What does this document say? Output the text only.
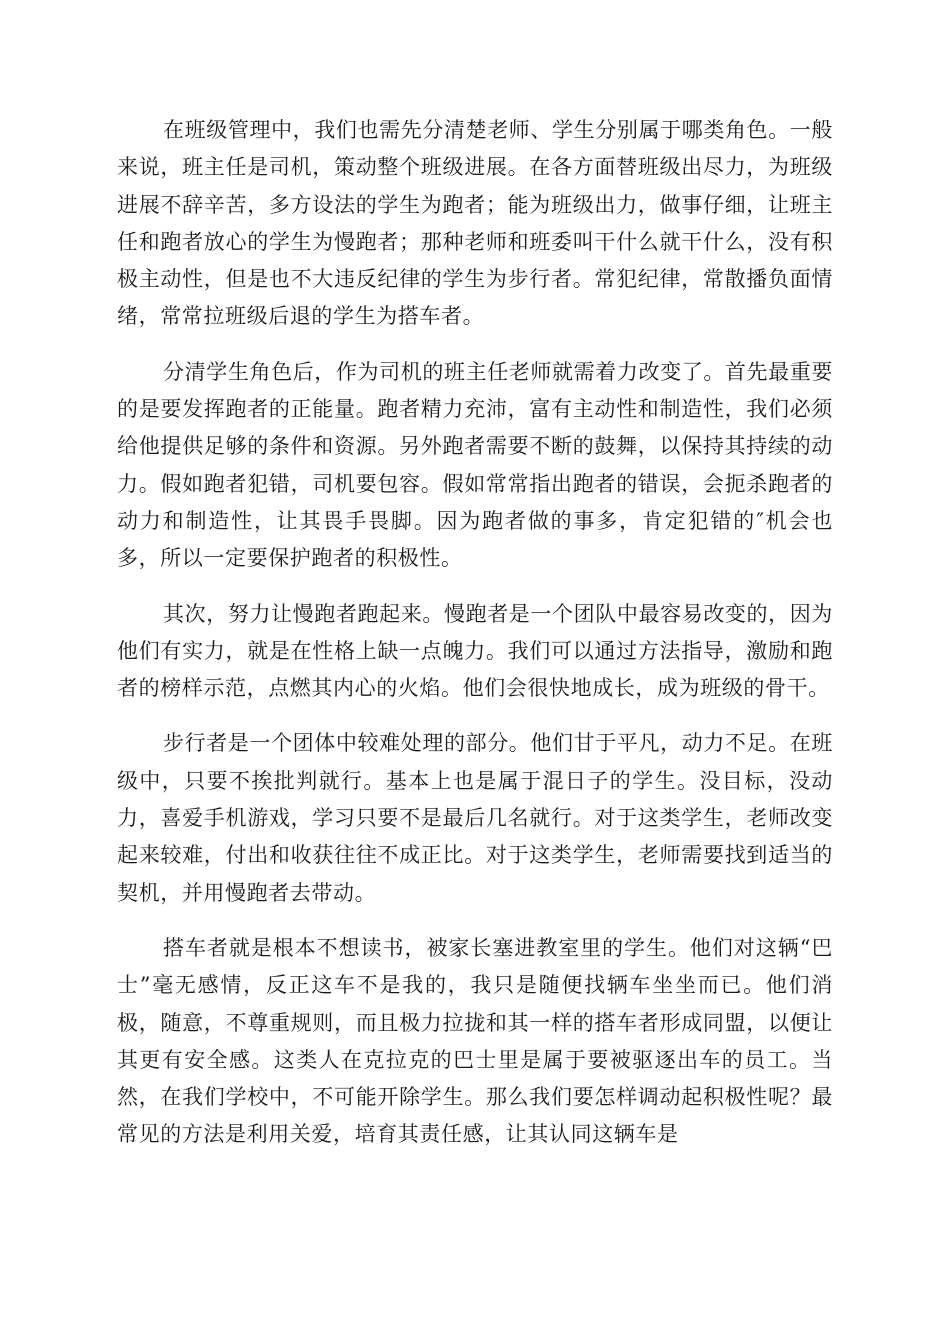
在班级管理中，我们也需先分清楚老师、学生分别属于哪类角色。一般来说，班主任是司机，策动整个班级进展。在各方面替班级出尽力，为班级进展不辞辛苦，多方设法的学生为跑者；能为班级出力，做事仔细，让班主任和跑者放心的学生为慢跑者；那种老师和班委叫干什么就干什么，没有积极主动性，但是也不大违反纪律的学生为步行者。常犯纪律，常散播负面情绪，常常拉班级后退的学生为搭车者。

分清学生角色后，作为司机的班主任老师就需着力改变了。首先最重要的是要发挥跑者的正能量。跑者精力充沛，富有主动性和制造性，我们必须给他提供足够的条件和资源。另外跑者需要不断的鼓舞，以保持其持续的动力。假如跑者犯错，司机要包容。假如常常指出跑者的错误，会扼杀跑者的动力和制造性，让其畏手畏脚。因为跑者做的事多，肯定犯错的″机会也多，所以一定要保护跑者的积极性。

其次，努力让慢跑者跑起来。慢跑者是一个团队中最容易改变的，因为他们有实力，就是在性格上缺一点魄力。我们可以通过方法指导，激励和跑者的榜样示范，点燃其内心的火焰。他们会很快地成长，成为班级的骨干。

步行者是一个团体中较难处理的部分。他们甘于平凡，动力不足。在班级中，只要不挨批判就行。基本上也是属于混日子的学生。没目标，没动力，喜爱手机游戏，学习只要不是最后几名就行。对于这类学生，老师改变起来较难，付出和收获往往不成正比。对于这类学生，老师需要找到适当的契机，并用慢跑者去带动。

搭车者就是根本不想读书，被家长塞进教室里的学生。他们对这辆“巴士”毫无感情，反正这车不是我的，我只是随便找辆车坐坐而已。他们消极，随意，不尊重规则，而且极力拉拢和其一样的搭车者形成同盟，以便让其更有安全感。这类人在克拉克的巴士里是属于要被驱逐出车的员工。当然，在我们学校中，不可能开除学生。那么我们要怎样调动起积极性呢？最常见的方法是利用关爱，培育其责任感，让其认同这辆车是
